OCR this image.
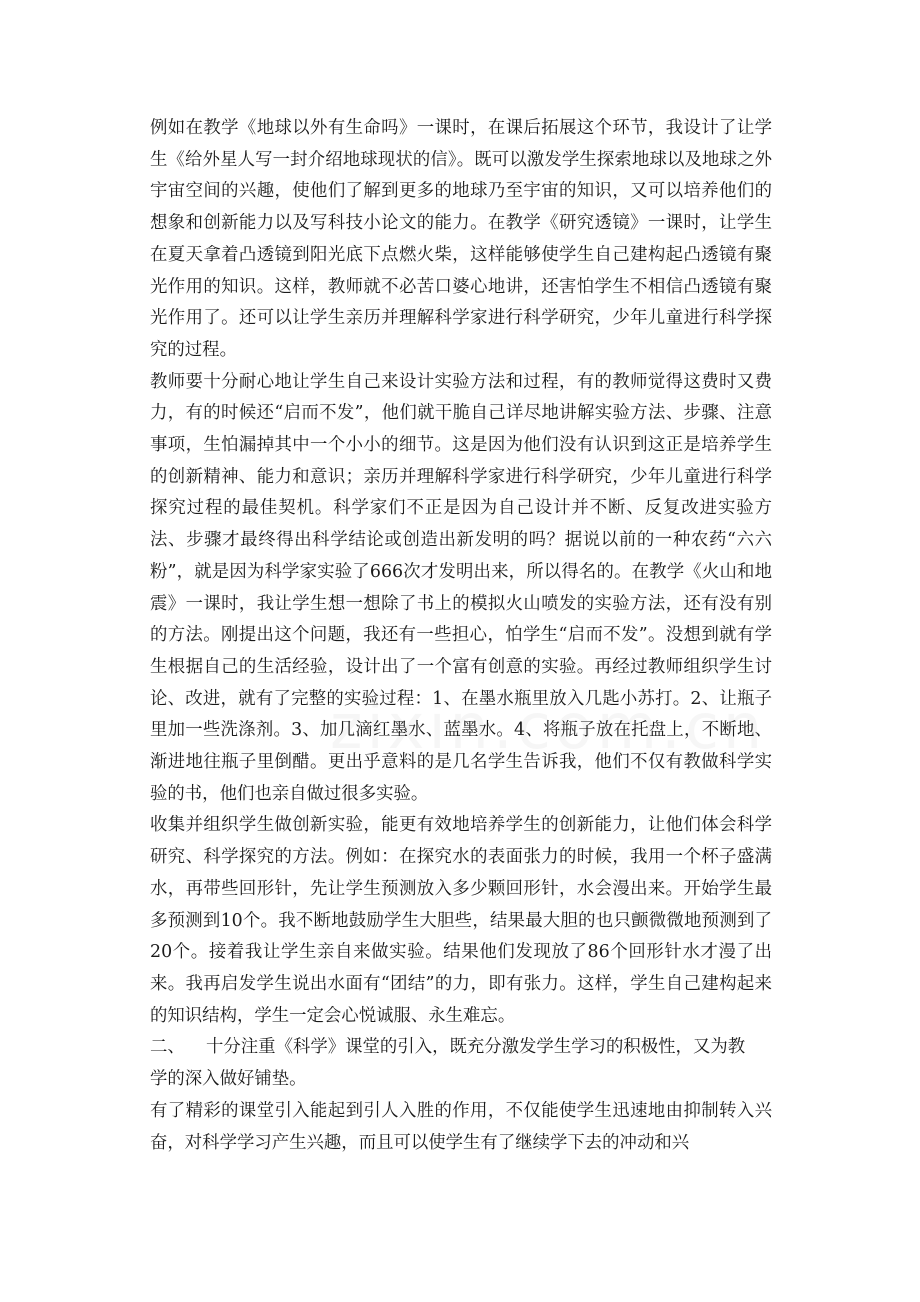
例如在教学《地球以外有生命吗》一课时，在课后拓展这个环节，我设计了让学生《给外星人写一封介绍地球现状的信》。既可以激发学生探索地球以及地球之外宇宙空间的兴趣，使他们了解到更多的地球乃至宇宙的知识，又可以培养他们的想象和创新能力以及写科技小论文的能力。在教学《研究透镜》一课时，让学生在夏天拿着凸透镜到阳光底下点燃火柴，这样能够使学生自己建构起凸透镜有聚光作用的知识。这样，教师就不必苦口婆心地讲，还害怕学生不相信凸透镜有聚光作用了。还可以让学生亲历并理解科学家进行科学研究，少年儿童进行科学探究的过程。

教师要十分耐心地让学生自己来设计实验方法和过程，有的教师觉得这费时又费力，有的时候还“启而不发”，他们就干脆自己详尽地讲解实验方法、步骤、注意事项，生怕漏掉其中一个小小的细节。这是因为他们没有认识到这正是培养学生的创新精神、能力和意识；亲历并理解科学家进行科学研究，少年儿童进行科学探究过程的最佳契机。科学家们不正是因为自己设计并不断、反复改进实验方法、步骤才最终得出科学结论或创造出新发明的吗？据说以前的一种农药“六六粉”，就是因为科学家实验了666次才发明出来，所以得名的。在教学《火山和地震》一课时，我让学生想一想除了书上的模拟火山喷发的实验方法，还有没有别的方法。刚提出这个问题，我还有一些担心，怕学生“启而不发”。没想到就有学生根据自己的生活经验，设计出了一个富有创意的实验。再经过教师组织学生讨论、改进，就有了完整的实验过程：1、在墨水瓶里放入几匙小苏打。2、让瓶子里加一些洗涤剂。3、加几滴红墨水、蓝墨水。4、将瓶子放在托盘上，不断地、渐进地往瓶子里倒醋。更出乎意料的是几名学生告诉我，他们不仅有教做科学实验的书，他们也亲自做过很多实验。

收集并组织学生做创新实验，能更有效地培养学生的创新能力，让他们体会科学研究、科学探究的方法。例如：在探究水的表面张力的时候，我用一个杯子盛满水，再带些回形针，先让学生预测放入多少颗回形针，水会漫出来。开始学生最多预测到10个。我不断地鼓励学生大胆些，结果最大胆的也只颤微微地预测到了20个。接着我让学生亲自来做实验。结果他们发现放了86个回形针水才漫了出来。我再启发学生说出水面有“团结”的力，即有张力。这样，学生自己建构起来的知识结构，学生一定会心悦诚服、永生难忘。

二、 十分注重《科学》课堂的引入，既充分激发学生学习的积极性，又为教
学的深入做好铺垫。

有了精彩的课堂引入能起到引人入胜的作用，不仅能使学生迅速地由抑制转入兴奋，对科学学习产生兴趣，而且可以使学生有了继续学下去的冲动和兴
